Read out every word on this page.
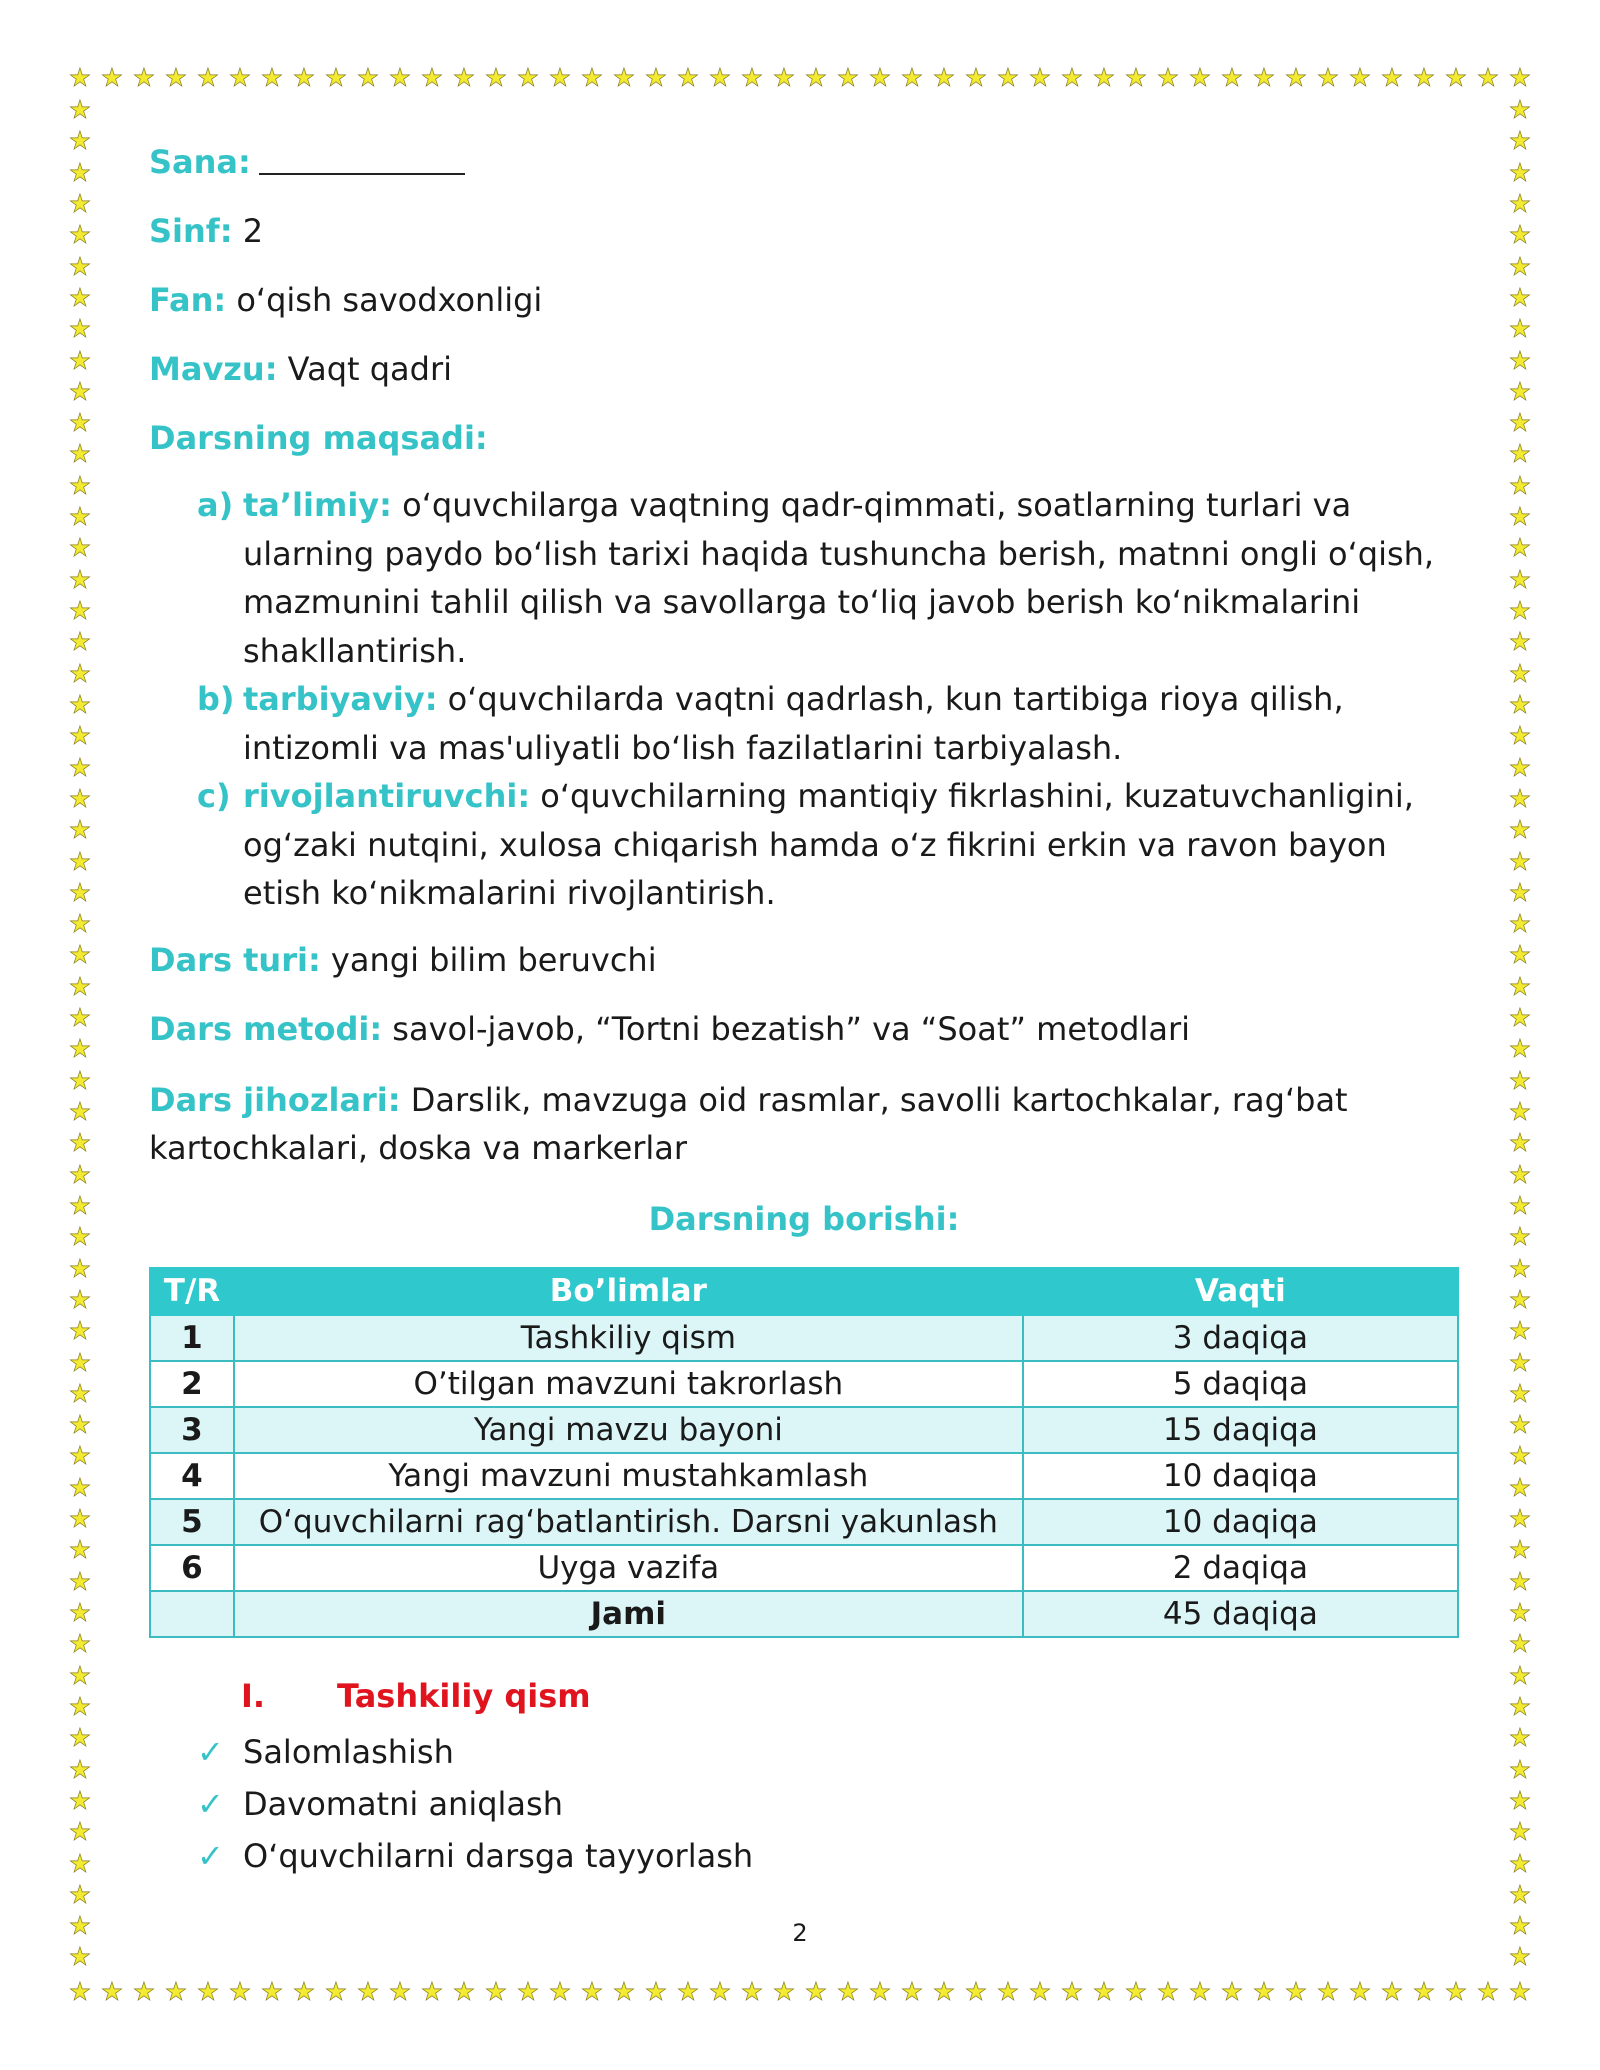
★ ★ ★ ★ ★ ★ ★ ★ ★ ★ ★ ★ ★ ★ ★ ★ ★ ★ ★ ★ ★ ★ ★ ★ ★ ★ ★ ★ ★ ★ ★ ★ ★ ★ ★ ★ ★ ★ ★ ★ ★ ★ ★ ★ ★ ★
★ ★ ★ ★ ★ ★ ★ ★ ★ ★ ★ ★ ★ ★ ★ ★ ★ ★ ★ ★ ★ ★ ★ ★ ★ ★ ★ ★ ★ ★ ★ ★ ★ ★ ★ ★ ★ ★ ★ ★ ★ ★ ★ ★ ★ ★
★
★
★
★
★
★
★
★
★
★
★
★
★
★
★
★
★
★
★
★
★
★
★
★
★
★
★
★
★
★
★
★
★
★
★
★
★
★
★
★
★
★
★
★
★
★
★
★
★
★
★
★
★
★
★
★
★
★
★
★
★
★
★
★
★
★
★
★
★
★
★
★
★
★
★
★
★
★
★
★
★
★
★
★
★
★
★
★
★
★
★
★
★
★
★
★
★
★
★
★
★
★
★
★
★
★
★
★
★
★
★
★
★
★
★
★
★
★
★
★

Sana:

Sinf: 2

Fan: o‘qish savodxonligi

Mavzu: Vaqt qadri

Darsning maqsadi:

a) ta’limiy: o‘quvchilarga vaqtning qadr-qimmati, soatlarning turlari va ularning paydo bo‘lish tarixi haqida tushuncha berish, matnni ongli o‘qish, mazmunini tahlil qilish va savollarga to‘liq javob berish ko‘nikmalarini shakllantirish.
b) tarbiyaviy: o‘quvchilarda vaqtni qadrlash, kun tartibiga rioya qilish, intizomli va mas'uliyatli bo‘lish fazilatlarini tarbiyalash.
c) rivojlantiruvchi: o‘quvchilarning mantiqiy fikrlashini, kuzatuvchanligini, og‘zaki nutqini, xulosa chiqarish hamda o‘z fikrini erkin va ravon bayon etish ko‘nikmalarini rivojlantirish.

Dars turi: yangi bilim beruvchi

Dars metodi: savol-javob, “Tortni bezatish” va “Soat” metodlari

Dars jihozlari: Darslik, mavzuga oid rasmlar, savolli kartochkalar, rag‘bat kartochkalari, doska va markerlar

Darsning borishi:

T/R	Bo’limlar	Vaqti
1	Tashkiliy qism	3 daqiqa
2	O’tilgan mavzuni takrorlash	5 daqiqa
3	Yangi mavzu bayoni	15 daqiqa
4	Yangi mavzuni mustahkamlash	10 daqiqa
5	O‘quvchilarni rag‘batlantirish. Darsni yakunlash	10 daqiqa
6	Uyga vazifa	2 daqiqa
	Jami	45 daqiqa
I. Tashkiliy qism
✓ Salomlashish
✓ Davomatni aniqlash
✓ O‘quvchilarni darsga tayyorlash
2
